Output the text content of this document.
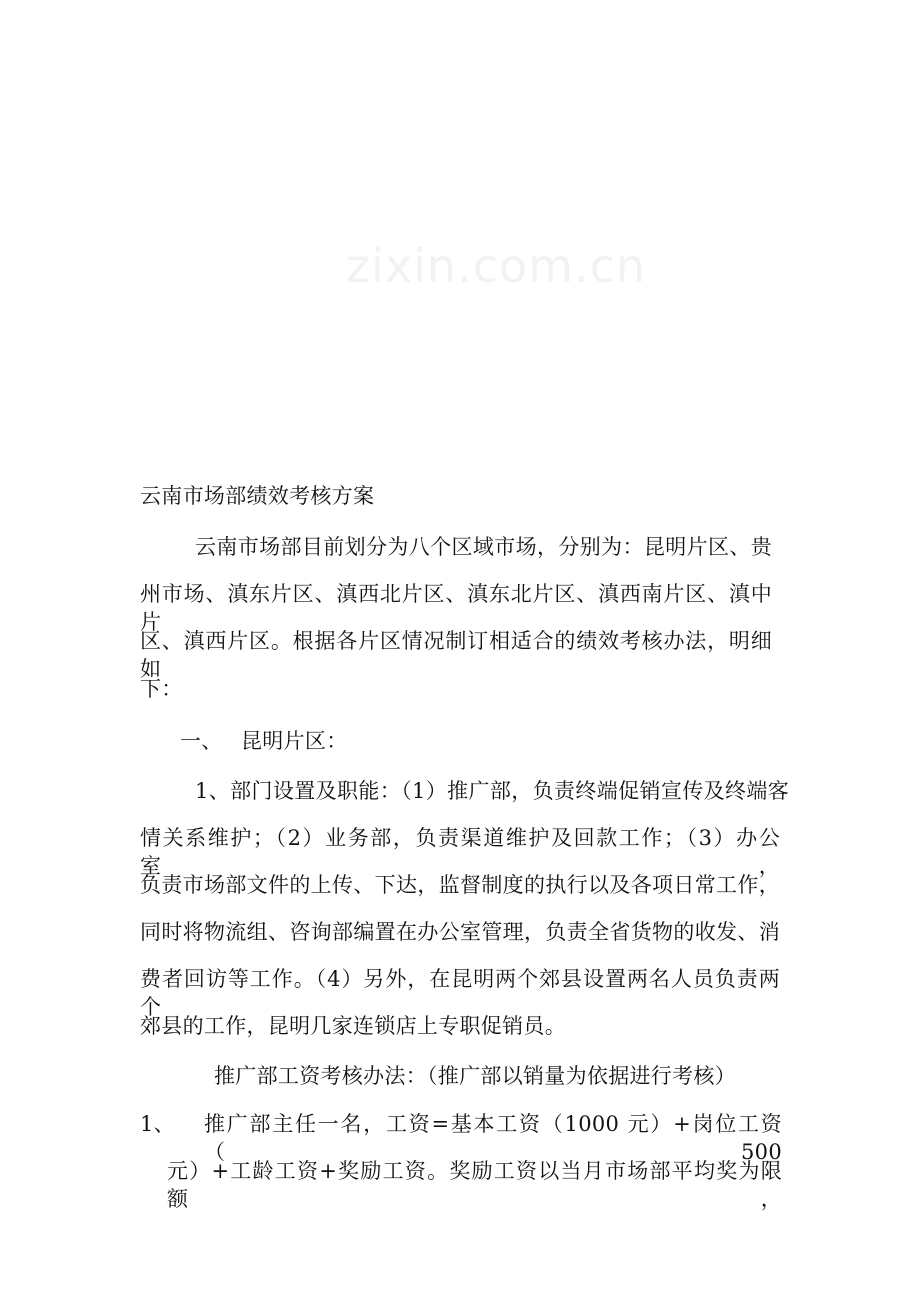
zixin.com.cn
云南市场部绩效考核方案
云南市场部目前划分为八个区域市场，分别为：昆明片区、贵
州市场、滇东片区、滇西北片区、滇东北片区、滇西南片区、滇中片
区、滇西片区。根据各片区情况制订相适合的绩效考核办法，明细如
下：
一、 昆明片区：
1、部门设置及职能：（1）推广部，负责终端促销宣传及终端客
情关系维护；（2）业务部，负责渠道维护及回款工作；（3）办公室，
负责市场部文件的上传、下达，监督制度的执行以及各项日常工作，
同时将物流组、咨询部编置在办公室管理，负责全省货物的收发、消
费者回访等工作。（4）另外，在昆明两个郊县设置两名人员负责两个
郊县的工作，昆明几家连锁店上专职促销员。
推广部工资考核办法：（推广部以销量为依据进行考核）
1、 推广部主任一名，工资=基本工资（1000 元）+岗位工资（500
元）+工龄工资+奖励工资。奖励工资以当月市场部平均奖为限额，
